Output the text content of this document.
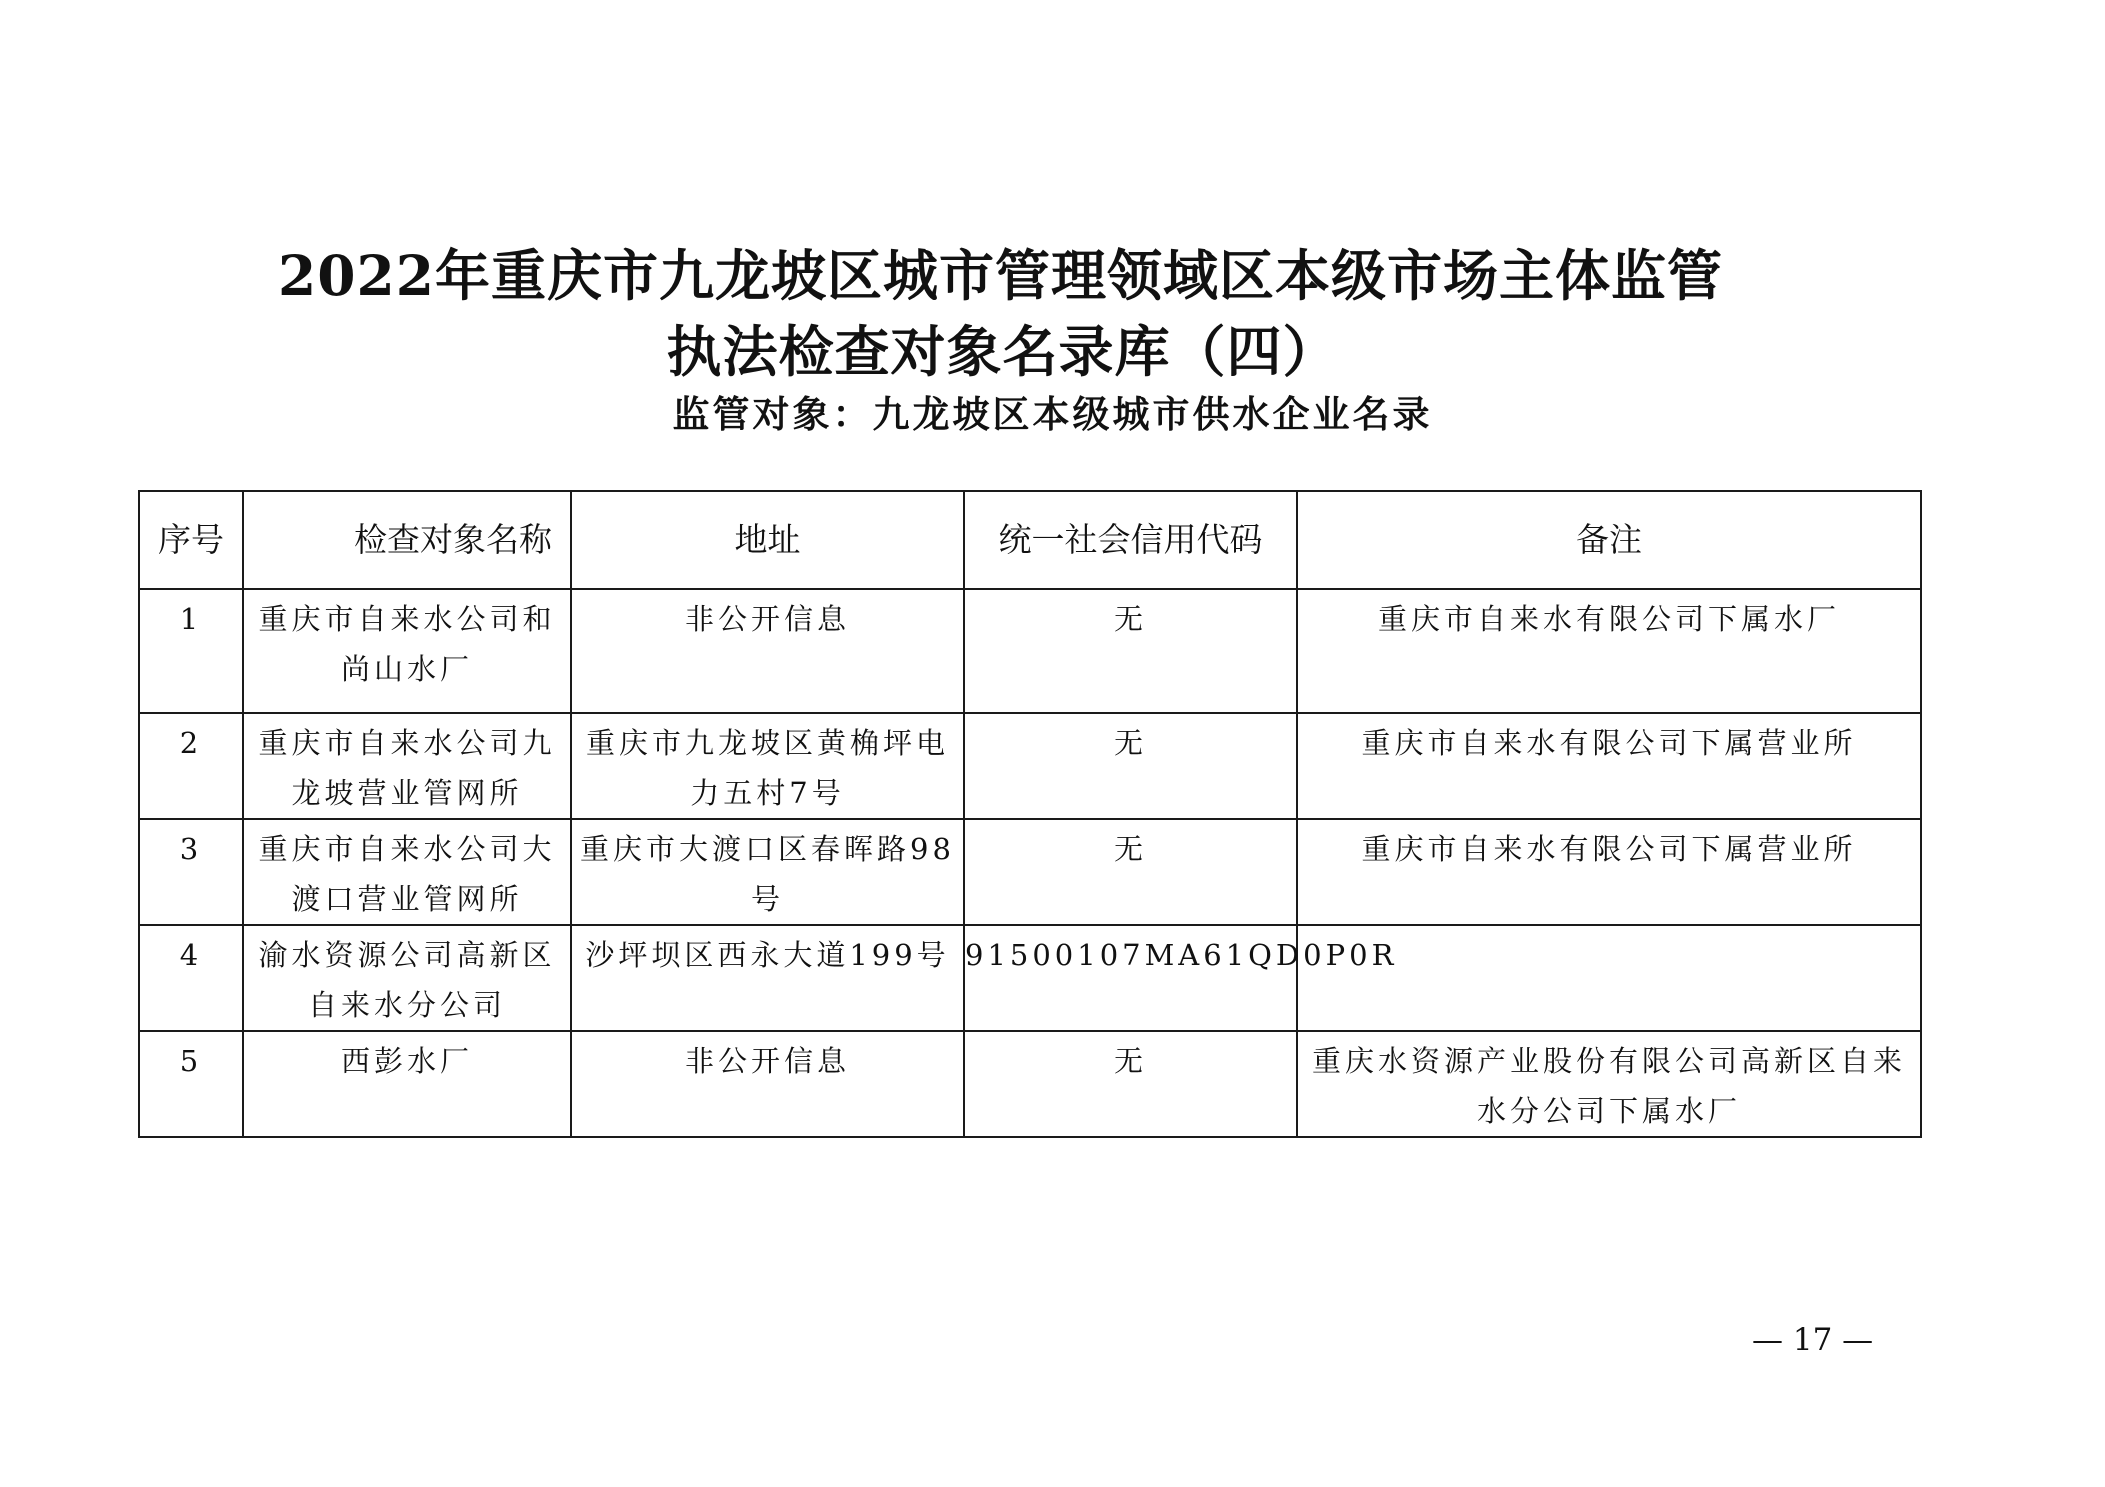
2022年重庆市九龙坡区城市管理领域区本级市场主体监管
执法检查对象名录库（四）
监管对象：九龙坡区本级城市供水企业名录
序号	检查对象名称	地址	统一社会信用代码	备注
1	重庆市自来水公司和尚山水厂	非公开信息	无	重庆市自来水有限公司下属水厂
2	重庆市自来水公司九龙坡营业管网所	重庆市九龙坡区黄桷坪电力五村7号	无	重庆市自来水有限公司下属营业所
3	重庆市自来水公司大渡口营业管网所	重庆市大渡口区春晖路98号	无	重庆市自来水有限公司下属营业所
4	渝水资源公司高新区自来水分公司	沙坪坝区西永大道199号	91500107MA61QD0P0R	
5	西彭水厂	非公开信息	无	重庆水资源产业股份有限公司高新区自来水分公司下属水厂
— 17 —
